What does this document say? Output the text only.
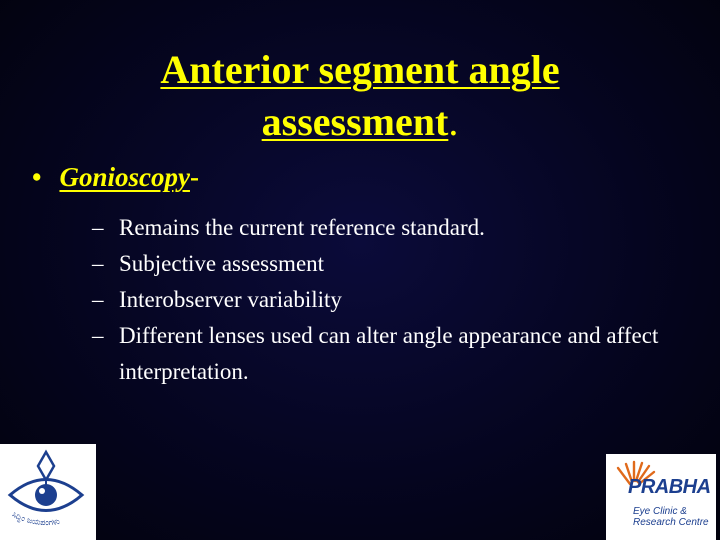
Anterior segment angle
assessment.
• Gonioscopy -
– Remains the current reference standard.
– Subjective assessment
– Interobserver variability
– Different lenses used can alter angle appearance and affect interpretation.
ಸಿದ್ಧಿಂ ಜಯಪಂಗಳು
PRABHA
Eye Clinic &
Research Centre
